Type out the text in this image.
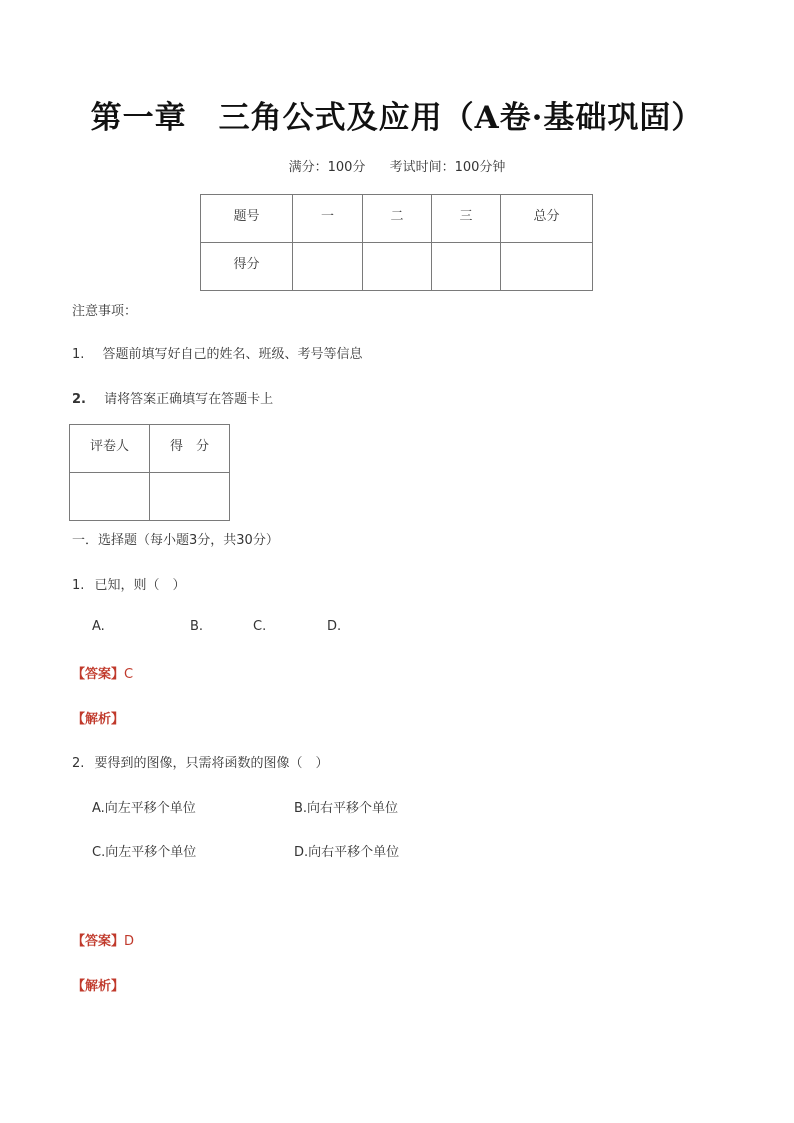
第一章　三角公式及应用（A卷·基础巩固）
满分：100分 考试时间：100分钟
题号	一	二	三	总分
得分				
注意事项：
1. 答题前填写好自己的姓名、班级、考号等信息
2. 请将答案正确填写在答题卡上
评卷人	得　分

一．选择题（每小题3分，共30分）
1. 已知，则（　）
A.	B.	C.	D.
【答案】C
【解析】
2. 要得到的图像，只需将函数的图像（　）
A.向左平移个单位	B.向右平移个单位
C.向左平移个单位	D.向右平移个单位
【答案】D
【解析】
